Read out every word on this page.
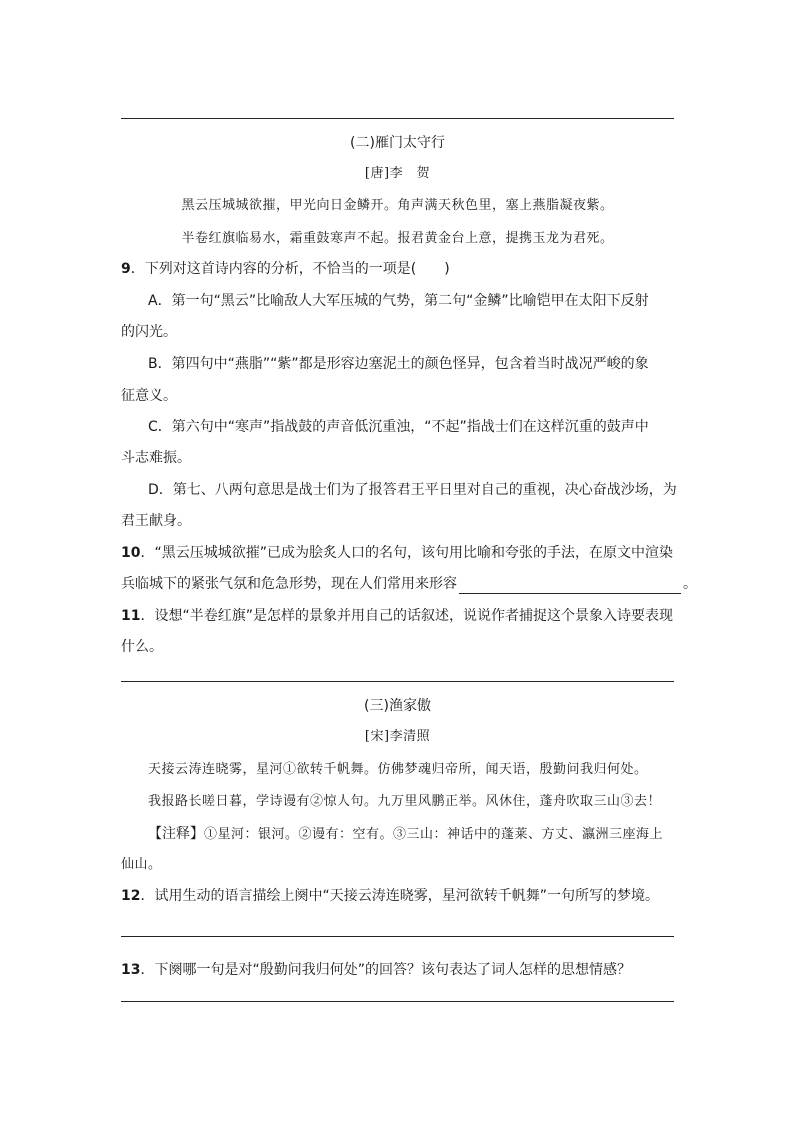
(二)雁门太守行
[唐]李　贺
黑云压城城欲摧，甲光向日金鳞开。角声满天秋色里，塞上燕脂凝夜紫。
半卷红旗临易水，霜重鼓寒声不起。报君黄金台上意，提携玉龙为君死。
9．下列对这首诗内容的分析，不恰当的一项是(　　)
A．第一句“黑云”比喻敌人大军压城的气势，第二句“金鳞”比喻铠甲在太阳下反射
的闪光。
B．第四句中“燕脂”“紫”都是形容边塞泥土的颜色怪异，包含着当时战况严峻的象
征意义。
C．第六句中“寒声”指战鼓的声音低沉重浊，“不起”指战士们在这样沉重的鼓声中
斗志难振。
D．第七、八两句意思是战士们为了报答君王平日里对自己的重视，决心奋战沙场，为
君王献身。
10．“黑云压城城欲摧”已成为脍炙人口的名句，该句用比喻和夸张的手法，在原文中渲染
兵临城下的紧张气氛和危急形势，现在人们常用来形容	。
11．设想“半卷红旗”是怎样的景象并用自己的话叙述，说说作者捕捉这个景象入诗要表现
什么。
(三)渔家傲
[宋]李清照
天接云涛连晓雾，星河①欲转千帆舞。仿佛梦魂归帝所，闻天语，殷勤问我归何处。
我报路长嗟日暮，学诗谩有②惊人句。九万里风鹏正举。风休住，蓬舟吹取三山③去！
【注释】①星河：银河。②谩有：空有。③三山：神话中的蓬莱、方丈、瀛洲三座海上
仙山。
12．试用生动的语言描绘上阕中“天接云涛连晓雾，星河欲转千帆舞”一句所写的梦境。
13．下阕哪一句是对“殷勤问我归何处”的回答？该句表达了词人怎样的思想情感？
